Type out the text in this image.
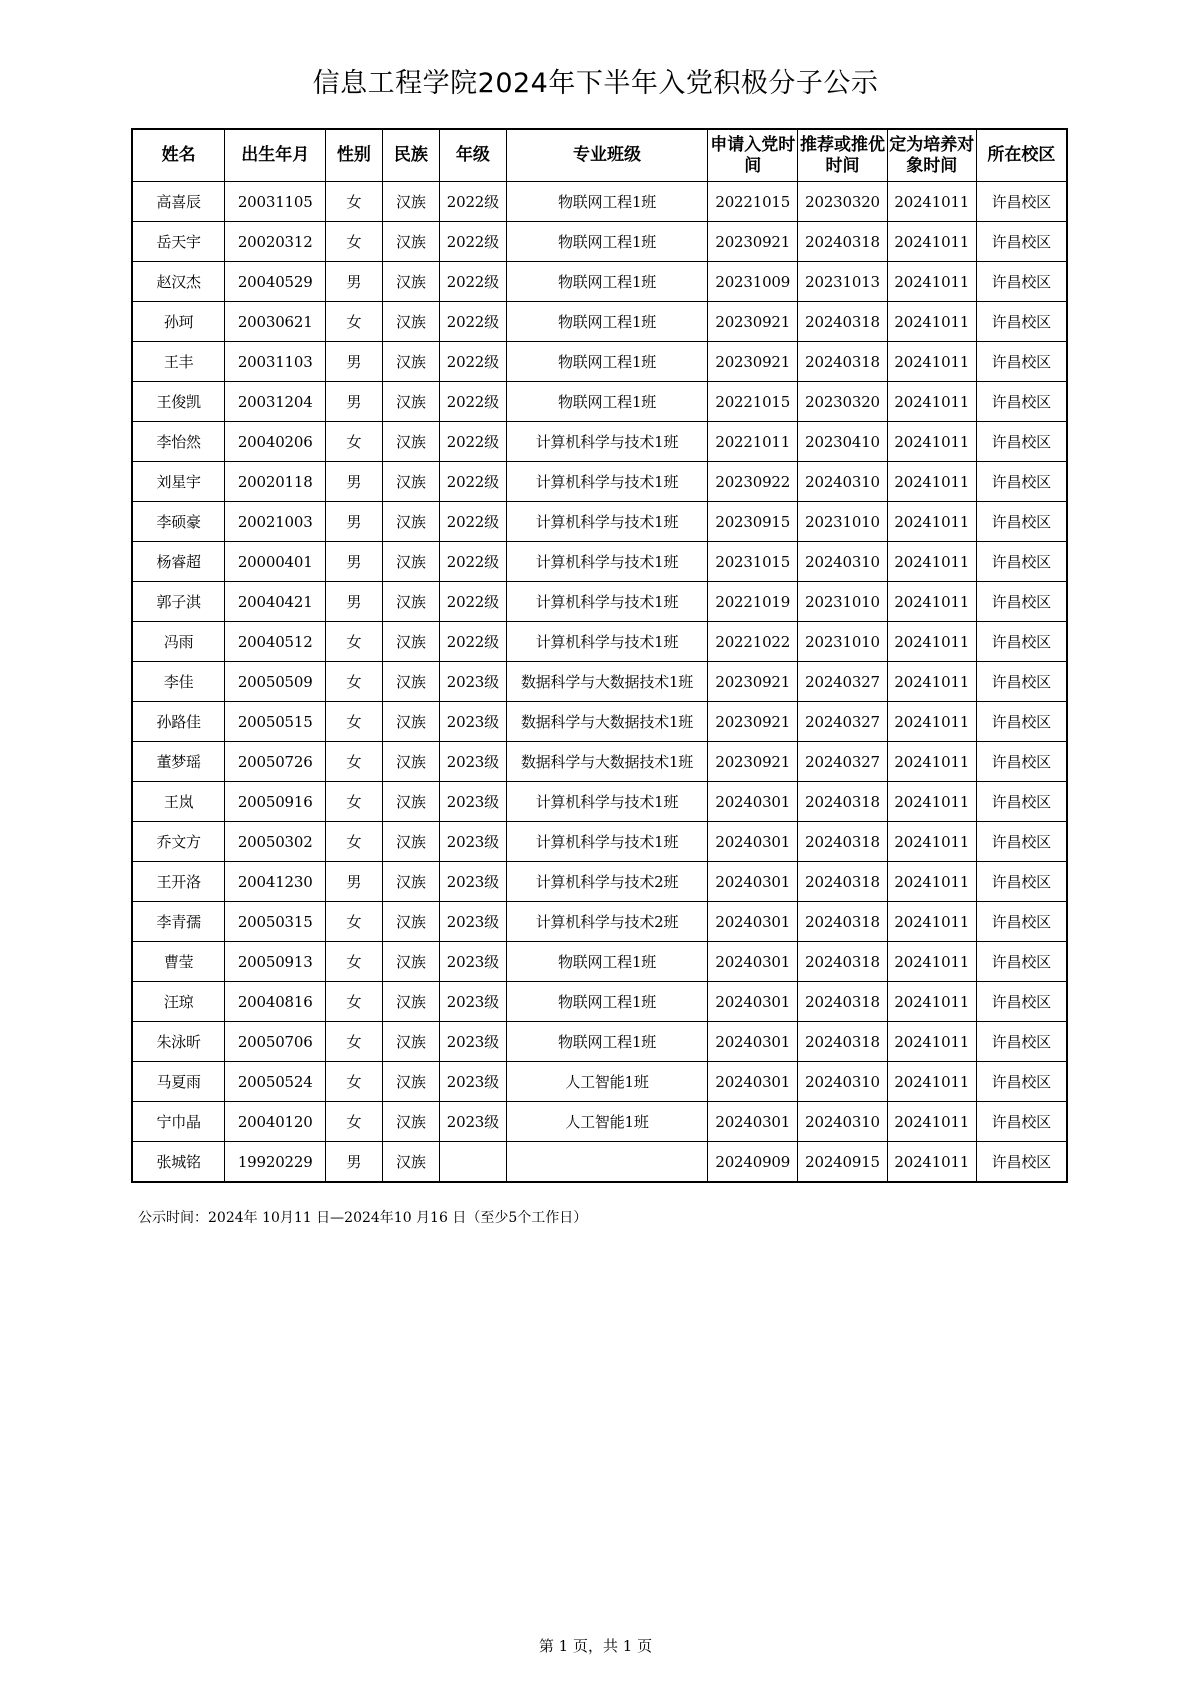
信息工程学院2024年下半年入党积极分子公示
姓名	出生年月	性别	民族	年级	专业班级	申请入党时间	推荐或推优时间	定为培养对象时间	所在校区
高喜辰	20031105	女	汉族	2022级	物联网工程1班	20221015	20230320	20241011	许昌校区
岳天宇	20020312	女	汉族	2022级	物联网工程1班	20230921	20240318	20241011	许昌校区
赵汉杰	20040529	男	汉族	2022级	物联网工程1班	20231009	20231013	20241011	许昌校区
孙珂	20030621	女	汉族	2022级	物联网工程1班	20230921	20240318	20241011	许昌校区
王丰	20031103	男	汉族	2022级	物联网工程1班	20230921	20240318	20241011	许昌校区
王俊凯	20031204	男	汉族	2022级	物联网工程1班	20221015	20230320	20241011	许昌校区
李怡然	20040206	女	汉族	2022级	计算机科学与技术1班	20221011	20230410	20241011	许昌校区
刘星宇	20020118	男	汉族	2022级	计算机科学与技术1班	20230922	20240310	20241011	许昌校区
李硕豪	20021003	男	汉族	2022级	计算机科学与技术1班	20230915	20231010	20241011	许昌校区
杨睿超	20000401	男	汉族	2022级	计算机科学与技术1班	20231015	20240310	20241011	许昌校区
郭子淇	20040421	男	汉族	2022级	计算机科学与技术1班	20221019	20231010	20241011	许昌校区
冯雨	20040512	女	汉族	2022级	计算机科学与技术1班	20221022	20231010	20241011	许昌校区
李佳	20050509	女	汉族	2023级	数据科学与大数据技术1班	20230921	20240327	20241011	许昌校区
孙路佳	20050515	女	汉族	2023级	数据科学与大数据技术1班	20230921	20240327	20241011	许昌校区
董梦瑶	20050726	女	汉族	2023级	数据科学与大数据技术1班	20230921	20240327	20241011	许昌校区
王岚	20050916	女	汉族	2023级	计算机科学与技术1班	20240301	20240318	20241011	许昌校区
乔文方	20050302	女	汉族	2023级	计算机科学与技术1班	20240301	20240318	20241011	许昌校区
王开洛	20041230	男	汉族	2023级	计算机科学与技术2班	20240301	20240318	20241011	许昌校区
李青孺	20050315	女	汉族	2023级	计算机科学与技术2班	20240301	20240318	20241011	许昌校区
曹莹	20050913	女	汉族	2023级	物联网工程1班	20240301	20240318	20241011	许昌校区
汪琼	20040816	女	汉族	2023级	物联网工程1班	20240301	20240318	20241011	许昌校区
朱泳昕	20050706	女	汉族	2023级	物联网工程1班	20240301	20240318	20241011	许昌校区
马夏雨	20050524	女	汉族	2023级	人工智能1班	20240301	20240310	20241011	许昌校区
宁巾晶	20040120	女	汉族	2023级	人工智能1班	20240301	20240310	20241011	许昌校区
张城铭	19920229	男	汉族			20240909	20240915	20241011	许昌校区
公示时间：2024年 10月11 日—2024年10 月16 日（至少5个工作日）
第 1 页，共 1 页
